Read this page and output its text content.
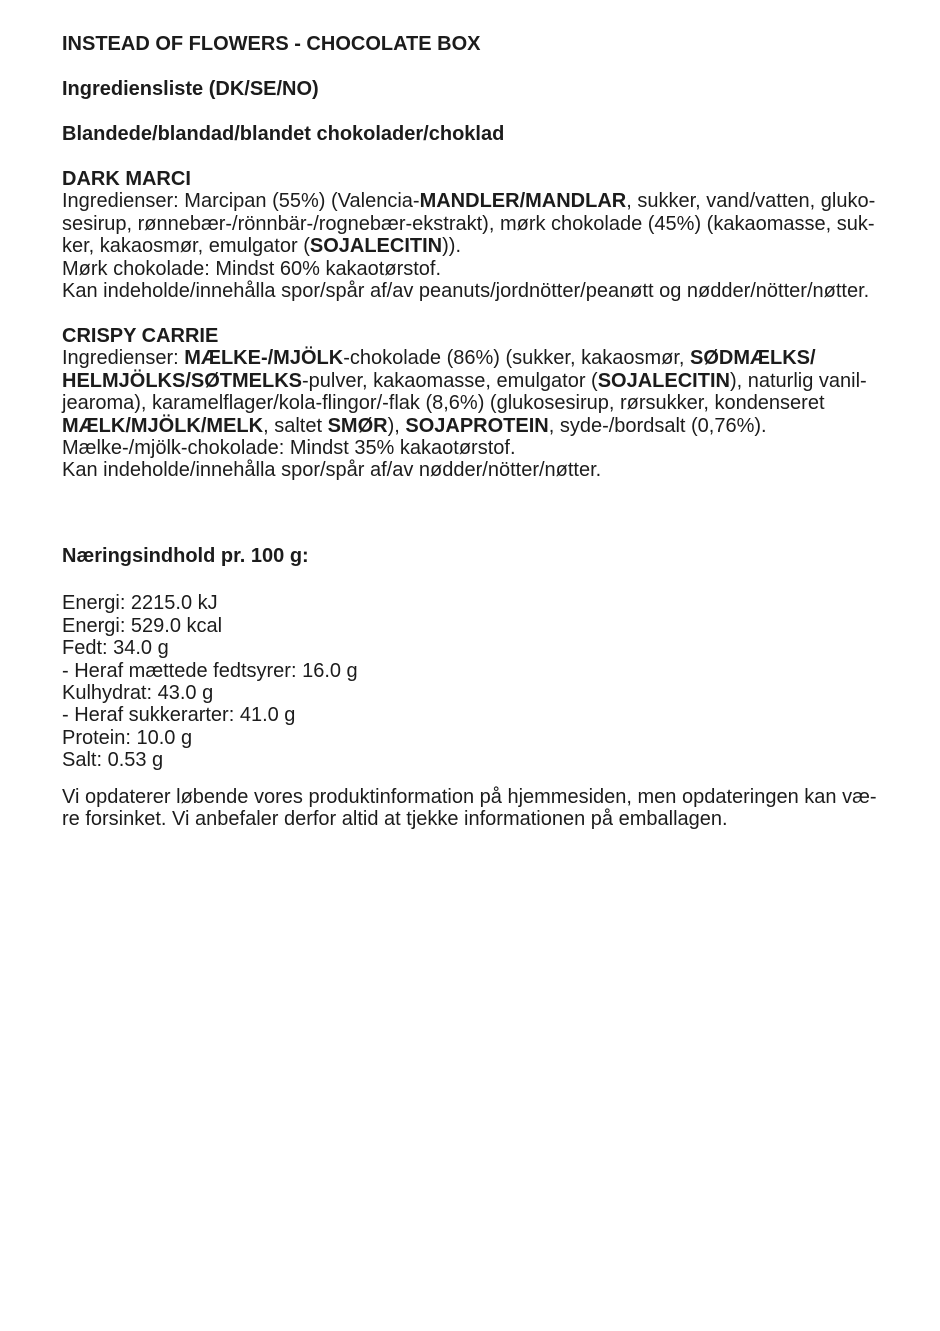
INSTEAD OF FLOWERS - CHOCOLATE BOX
Ingrediensliste (DK/SE/NO)
Blandede/blandad/blandet chokolader/choklad
DARK MARCI
Ingredienser: Marcipan (55%) (Valencia-MANDLER/MANDLAR, sukker, vand/vatten, gluko-
sesirup, rønnebær-/rönnbär-/rognebær-ekstrakt), mørk chokolade (45%) (kakaomasse, suk-
ker, kakaosmør, emulgator (SOJALECITIN)).
Mørk chokolade: Mindst 60% kakaotørstof.
Kan indeholde/innehålla spor/spår af/av peanuts/jordnötter/peanøtt og nødder/nötter/nøtter.
CRISPY CARRIE
Ingredienser: MÆLKE-/MJÖLK-chokolade (86%) (sukker, kakaosmør, SØDMÆLKS/
HELMJÖLKS/SØTMELKS-pulver, kakaomasse, emulgator (SOJALECITIN), naturlig vanil-
jearoma), karamelflager/kola-flingor/-flak (8,6%) (glukosesirup, rørsukker, kondenseret
MÆLK/MJÖLK/MELK, saltet SMØR), SOJAPROTEIN, syde-/bordsalt (0,76%).
Mælke-/mjölk-chokolade: Mindst 35% kakaotørstof.
Kan indeholde/innehålla spor/spår af/av nødder/nötter/nøtter.
Næringsindhold pr. 100 g:
Energi: 2215.0 kJ
Energi: 529.0 kcal
Fedt: 34.0 g
- Heraf mættede fedtsyrer: 16.0 g
Kulhydrat: 43.0 g
- Heraf sukkerarter: 41.0 g
Protein: 10.0 g
Salt: 0.53 g
Vi opdaterer løbende vores produktinformation på hjemmesiden, men opdateringen kan væ-
re forsinket. Vi anbefaler derfor altid at tjekke informationen på emballagen.
